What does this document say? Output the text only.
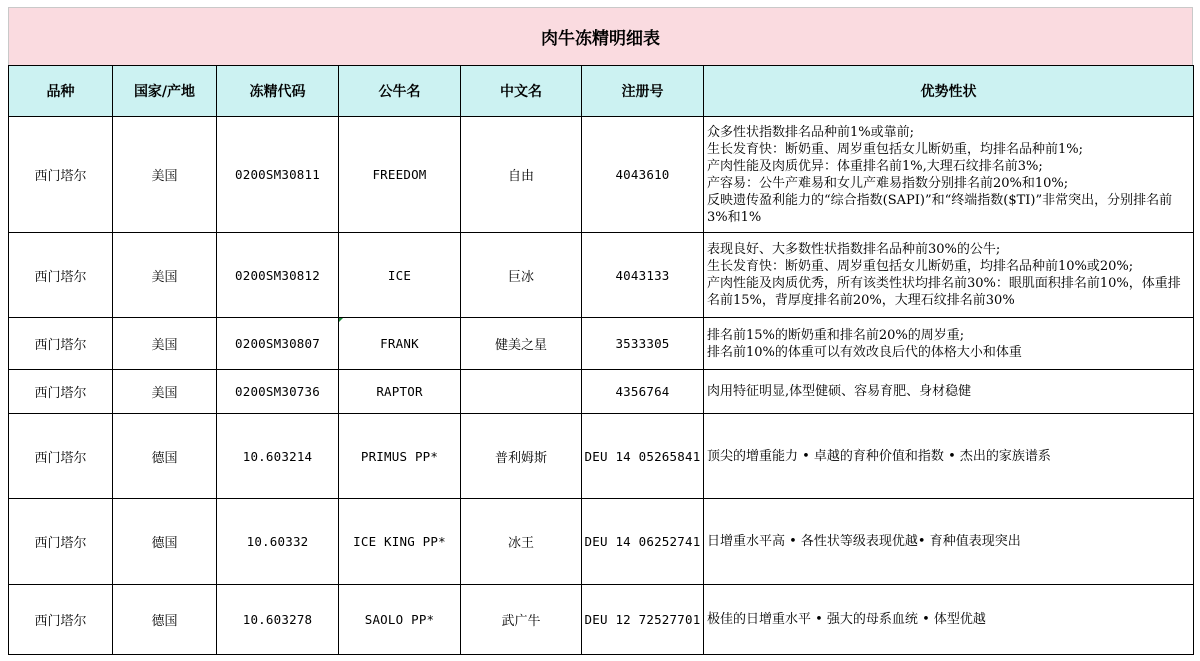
肉牛冻精明细表
品种	国家/产地	冻精代码	公牛名	中文名	注册号	优势性状
西门塔尔	美国	0200SM30811	FREEDOM	自由	4043610	众多性状指数排名品种前1%或靠前;
生长发育快：断奶重、周岁重包括女儿断奶重，均排名品种前1%;
产肉性能及肉质优异：体重排名前1%,大理石纹排名前3%;
产容易：公牛产难易和女儿产难易指数分别排名前20%和10%;
反映遗传盈利能力的“综合指数(SAPI)”和“终端指数($TI)”非常突出，分别排名前3%和1%

西门塔尔	美国	0200SM30812	ICE	巨冰	4043133	表现良好、大多数性状指数排名品种前30%的公牛;
生长发育快：断奶重、周岁重包括女儿断奶重，均排名品种前10%或20%;
产肉性能及肉质优秀，所有该类性状均排名前30%：眼肌面积排名前10%，体重排名前15%，背厚度排名前20%，大理石纹排名前30%

西门塔尔	美国	0200SM30807	FRANK	健美之星	3533305	排名前15%的断奶重和排名前20%的周岁重;
排名前10%的体重可以有效改良后代的体格大小和体重

西门塔尔	美国	0200SM30736	RAPTOR		4356764	肉用特征明显,体型健硕、容易育肥、身材稳健

西门塔尔	德国	10.603214	PRIMUS PP*	普利姆斯	DEU 14 05265841	顶尖的增重能力 • 卓越的育种价值和指数 • 杰出的家族谱系

西门塔尔	德国	10.60332	ICE KING PP*	冰王	DEU 14 06252741	日增重水平高 • 各性状等级表现优越• 育种值表现突出

西门塔尔	德国	10.603278	SAOLO PP*	武广牛	DEU 12 72527701	极佳的日增重水平 • 强大的母系血统 • 体型优越
